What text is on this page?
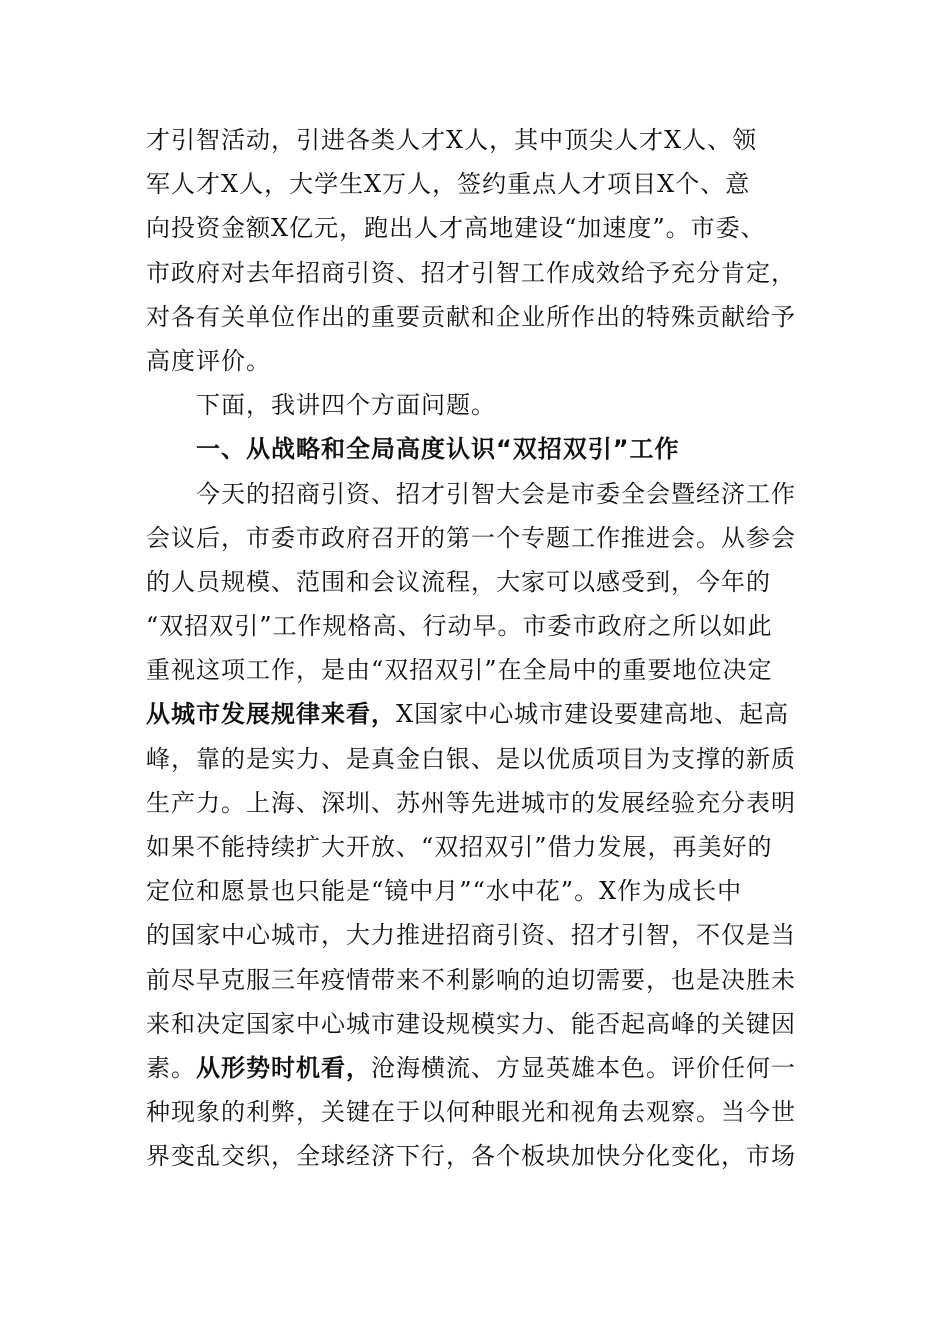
才引智活动，引进各类人才X人，其中顶尖人才X人、领
军人才X人，大学生X万人，签约重点人才项目X个、意
向投资金额X亿元，跑出人才高地建设“加速度”。市委、
市政府对去年招商引资、招才引智工作成效给予充分肯定，
对各有关单位作出的重要贡献和企业所作出的特殊贡献给予
高度评价。
下面，我讲四个方面问题。
一、从战略和全局高度认识“双招双引”工作
今天的招商引资、招才引智大会是市委全会暨经济工作
会议后，市委市政府召开的第一个专题工作推进会。从参会
的人员规模、范围和会议流程，大家可以感受到，今年的
“双招双引”工作规格高、行动早。市委市政府之所以如此
重视这项工作，是由“双招双引”在全局中的重要地位决定
从城市发展规律来看，X国家中心城市建设要建高地、起高
峰，靠的是实力、是真金白银、是以优质项目为支撑的新质
生产力。上海、深圳、苏州等先进城市的发展经验充分表明
如果不能持续扩大开放、“双招双引”借力发展，再美好的
定位和愿景也只能是“镜中月”“水中花”。X作为成长中
的国家中心城市，大力推进招商引资、招才引智，不仅是当
前尽早克服三年疫情带来不利影响的迫切需要，也是决胜未
来和决定国家中心城市建设规模实力、能否起高峰的关键因
素。从形势时机看，沧海横流、方显英雄本色。评价任何一
种现象的利弊，关键在于以何种眼光和视角去观察。当今世
界变乱交织，全球经济下行，各个板块加快分化变化，市场
